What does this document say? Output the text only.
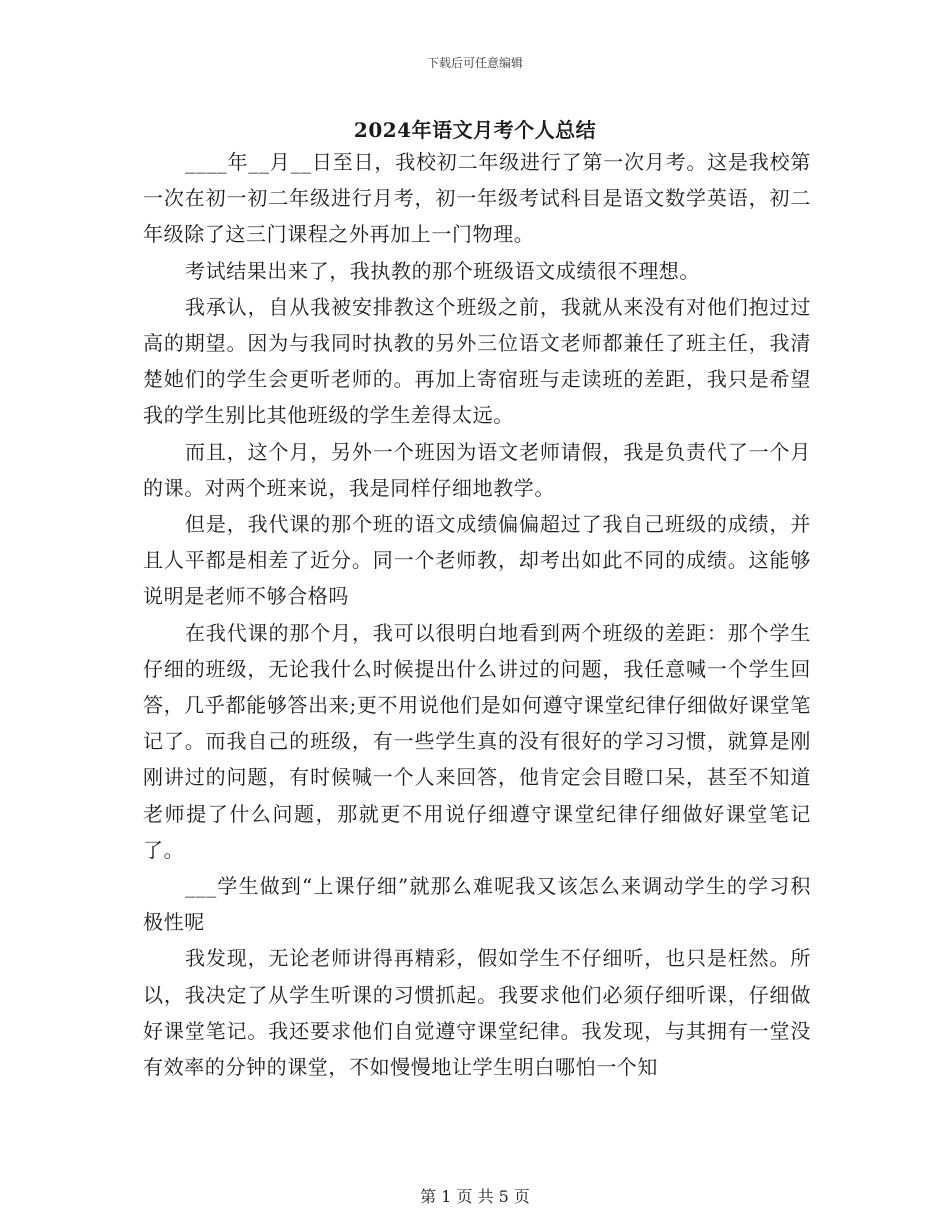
下载后可任意编辑
2024年语文月考个人总结

____年__月__日至日，我校初二年级进行了第一次月考。这是我校第一次在初一初二年级进行月考，初一年级考试科目是语文数学英语，初二年级除了这三门课程之外再加上一门物理。

考试结果出来了，我执教的那个班级语文成绩很不理想。

我承认，自从我被安排教这个班级之前，我就从来没有对他们抱过过高的期望。因为与我同时执教的另外三位语文老师都兼任了班主任，我清楚她们的学生会更听老师的。再加上寄宿班与走读班的差距，我只是希望我的学生别比其他班级的学生差得太远。

而且，这个月，另外一个班因为语文老师请假，我是负责代了一个月的课。对两个班来说，我是同样仔细地教学。

但是，我代课的那个班的语文成绩偏偏超过了我自己班级的成绩，并且人平都是相差了近分。同一个老师教，却考出如此不同的成绩。这能够说明是老师不够合格吗

在我代课的那个月，我可以很明白地看到两个班级的差距：那个学生仔细的班级，无论我什么时候提出什么讲过的问题，我任意喊一个学生回答，几乎都能够答出来;更不用说他们是如何遵守课堂纪律仔细做好课堂笔记了。而我自己的班级，有一些学生真的没有很好的学习习惯，就算是刚刚讲过的问题，有时候喊一个人来回答，他肯定会目瞪口呆，甚至不知道老师提了什么问题，那就更不用说仔细遵守课堂纪律仔细做好课堂笔记了。

___学生做到“上课仔细”就那么难呢我又该怎么来调动学生的学习积极性呢

我发现，无论老师讲得再精彩，假如学生不仔细听，也只是枉然。所以，我决定了从学生听课的习惯抓起。我要求他们必须仔细听课，仔细做好课堂笔记。我还要求他们自觉遵守课堂纪律。我发现，与其拥有一堂没有效率的分钟的课堂，不如慢慢地让学生明白哪怕一个知

第 1 页 共 5 页
